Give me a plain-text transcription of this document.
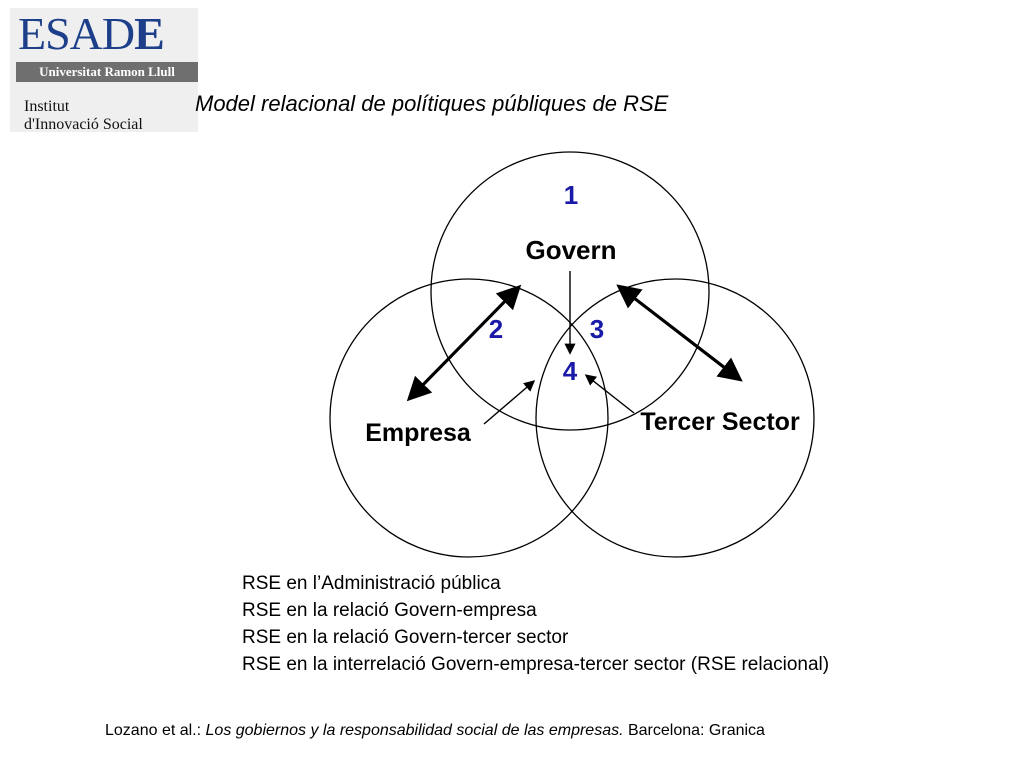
ESADE
Universitat Ramon Llull
Institut
d'Innovació Social
Model relacional de polítiques públiques de RSE
Govern
Empresa	Tercer Sector
1
2	3
4
RSE en l’Administració pública
RSE en la relació Govern-empresa
RSE en la relació Govern-tercer sector
RSE en la interrelació Govern-empresa-tercer sector (RSE relacional)
Lozano et al.: Los gobiernos y la responsabilidad social de las empresas. Barcelona: Granica
